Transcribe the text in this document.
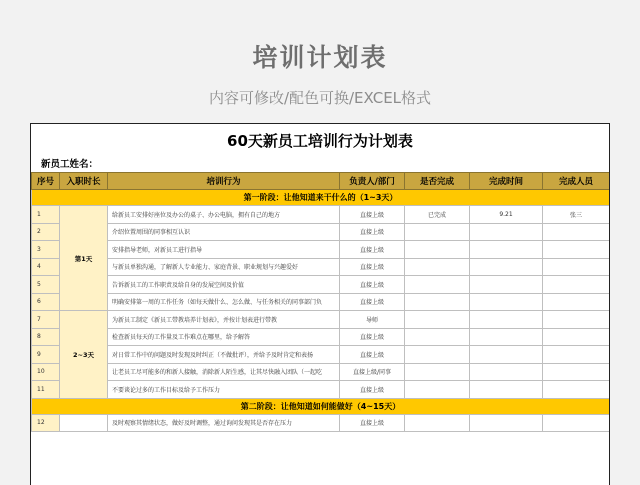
培训计划表
内容可修改/配色可换/EXCEL格式
60天新员工培训行为计划表
新员工姓名：
序号	入职时长	培训行为	负责人/部门	是否完成	完成时间	完成人员
第一阶段：让他知道来干什么的（1~3天）						
1	第1天	给新员工安排好座位及办公的桌子、办公电脑，拥有自己的地方	直接上级	已完成	9.21	张三
2		介绍位置周围的同事相互认识	直接上级			
3		安排指导老师，对新员工进行指导	直接上级			
4		与新员单独沟通，了解新人专业能力、家庭背景、职业规划与兴趣爱好	直接上级			
5		告诉新员工的工作职责及给自身的发展空间及价值	直接上级			
6		明确安排第一周的工作任务（如每天做什么、怎么做、与任务相关的同事部门负	直接上级			
7	2~3天	为新员工制定《新员工带教培养计划表》，并按计划表进行带教	导师			
8		检查新员每天的工作量及工作难点在哪里，给予解答	直接上级			
9		对日常工作中的问题及时发现及时纠正（不做批评），并给予及时肯定和表扬	直接上级			
10		让老员工尽可能多的和新人接触，消除新人陌生感，让其尽快融入团队（一起吃	直接上级/同事			
11		不要谈论过多的工作目标及给予工作压力	直接上级			
第二阶段：让他知道如何能做好（4~15天）						
12		及时观察其情绪状态，做好及时调整，通过询问发现其是否存在压力	直接上级			
